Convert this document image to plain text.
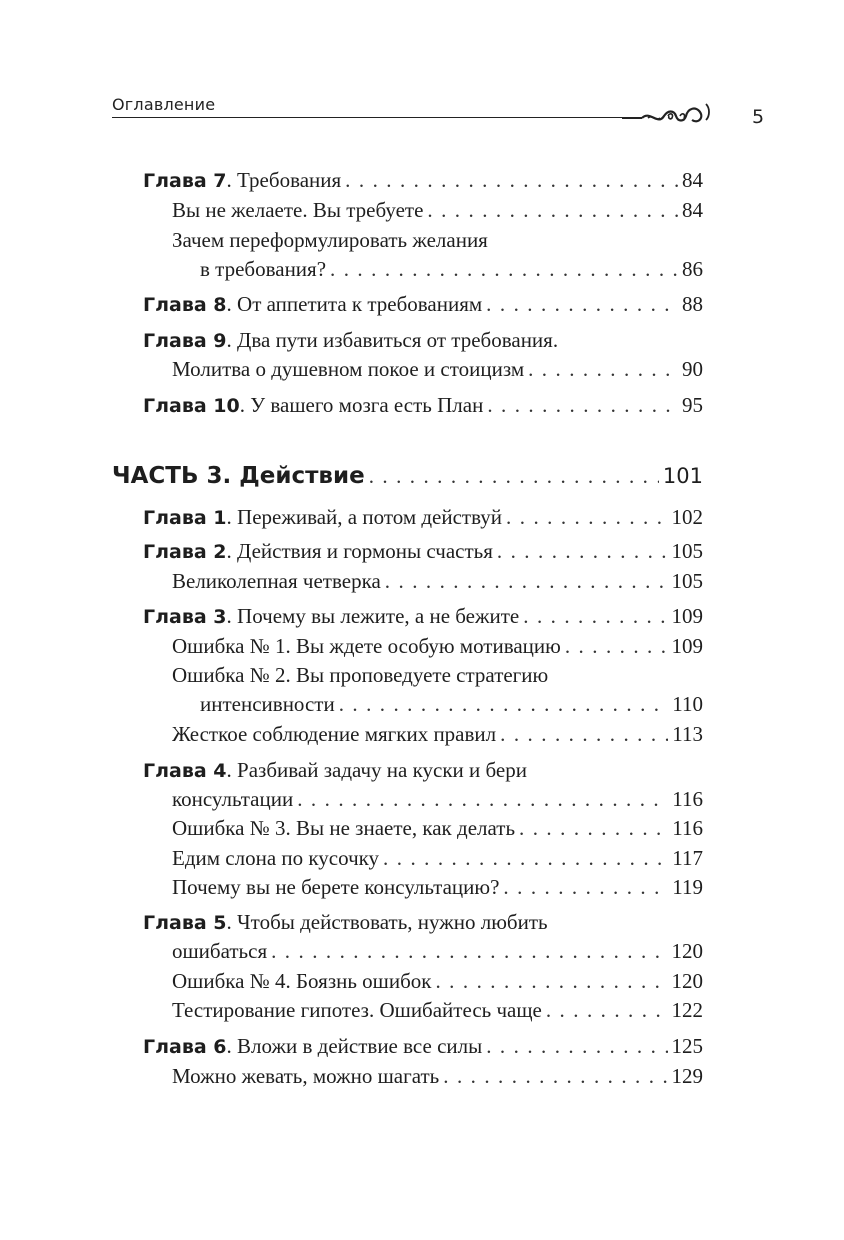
Оглавление
5
Глава 7. Требования . . .	84
Вы не желаете. Вы требуете . . .	84
Зачем переформулировать желания
в требования? . . .	86
Глава 8. От аппетита к требованиям . . .	88
Глава 9. Два пути избавиться от требования.
Молитва о душевном покое и стоицизм . . .	90
Глава 10. У вашего мозга есть План . . .	95
ЧАСТЬ 3. Действие . . .	101
Глава 1. Переживай, а потом действуй . . .	102
Глава 2. Действия и гормоны счастья . . .	105
Великолепная четверка . . .	105
Глава 3. Почему вы лежите, а не бежите . . .	109
Ошибка № 1. Вы ждете особую мотивацию . . .	109
Ошибка № 2. Вы проповедуете стратегию
интенсивности . . .	110
Жесткое соблюдение мягких правил . . .	113
Глава 4. Разбивай задачу на куски и бери
консультации . . .	116
Ошибка № 3. Вы не знаете, как делать . . .	116
Едим слона по кусочку . . .	117
Почему вы не берете консультацию? . . .	119
Глава 5. Чтобы действовать, нужно любить
ошибаться . . .	120
Ошибка № 4. Боязнь ошибок . . .	120
Тестирование гипотез. Ошибайтесь чаще . . .	122
Глава 6. Вложи в действие все силы . . .	125
Можно жевать, можно шагать . . .	129
